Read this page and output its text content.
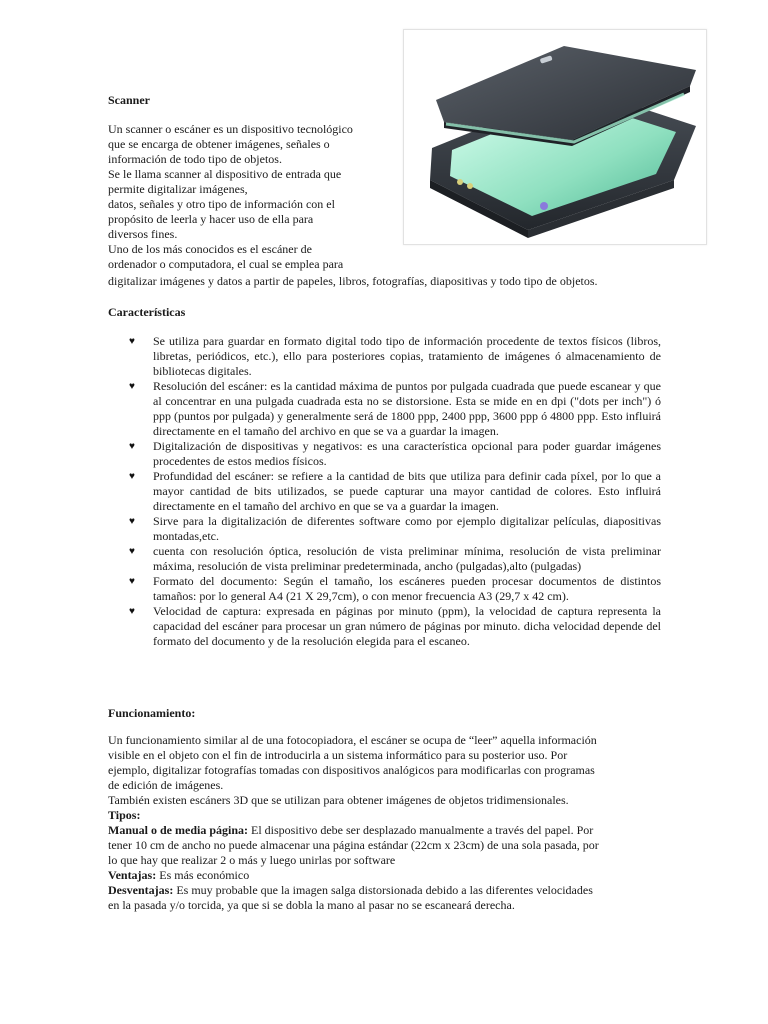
Scanner

Un scanner o escáner es un dispositivo tecnológico

que se encarga de obtener imágenes, señales o

información de todo tipo de objetos.

Se le llama scanner al dispositivo de entrada que

permite digitalizar imágenes,

datos, señales y otro tipo de información con el

propósito de leerla y hacer uso de ella para

diversos fines.

Uno de los más conocidos es el escáner de

ordenador o computadora, el cual se emplea para

digitalizar imágenes y datos a partir de papeles, libros, fotografías, diapositivas y todo tipo de objetos.

Características
♥ Se utiliza para guardar en formato digital todo tipo de información procedente de textos físicos (libros, libretas, periódicos, etc.), ello para posteriores copias, tratamiento de imágenes ó almacenamiento de bibliotecas digitales.
♥ Resolución del escáner: es la cantidad máxima de puntos por pulgada cuadrada que puede escanear y que al concentrar en una pulgada cuadrada esta no se distorsione. Esta se mide en en dpi ("dots per inch") ó ppp (puntos por pulgada) y generalmente será de 1800 ppp, 2400 ppp, 3600 ppp ó 4800 ppp. Esto influirá directamente en el tamaño del archivo en que se va a guardar la imagen.
♥ Digitalización de dispositivas y negativos: es una característica opcional para poder guardar imágenes procedentes de estos medios físicos.
♥ Profundidad del escáner: se refiere a la cantidad de bits que utiliza para definir cada píxel, por lo que a mayor cantidad de bits utilizados, se puede capturar una mayor cantidad de colores. Esto influirá directamente en el tamaño del archivo en que se va a guardar la imagen.
♥ Sirve para la digitalización de diferentes software como por ejemplo digitalizar películas, diapositivas montadas,etc.
♥ cuenta con resolución óptica, resolución de vista preliminar mínima, resolución de vista preliminar máxima, resolución de vista preliminar predeterminada, ancho (pulgadas),alto (pulgadas)
♥ Formato del documento: Según el tamaño, los escáneres pueden procesar documentos de distintos tamaños: por lo general A4 (21 X 29,7cm), o con menor frecuencia A3 (29,7 x 42 cm).
♥ Velocidad de captura: expresada en páginas por minuto (ppm), la velocidad de captura representa la capacidad del escáner para procesar un gran número de páginas por minuto. dicha velocidad depende del formato del documento y de la resolución elegida para el escaneo.
Funcionamiento:

Un funcionamiento similar al de una fotocopiadora, el escáner se ocupa de “leer” aquella información

visible en el objeto con el fin de introducirla a un sistema informático para su posterior uso. Por

ejemplo, digitalizar fotografías tomadas con dispositivos analógicos para modificarlas con programas

de edición de imágenes.

También existen escáners 3D que se utilizan para obtener imágenes de objetos tridimensionales.

Tipos:

Manual o de media página: El dispositivo debe ser desplazado manualmente a través del papel. Por

tener 10 cm de ancho no puede almacenar una página estándar (22cm x 23cm) de una sola pasada, por

lo que hay que realizar 2 o más y luego unirlas por software

Ventajas: Es más económico

Desventajas: Es muy probable que la imagen salga distorsionada debido a las diferentes velocidades

en la pasada y/o torcida, ya que si se dobla la mano al pasar no se escaneará derecha.
